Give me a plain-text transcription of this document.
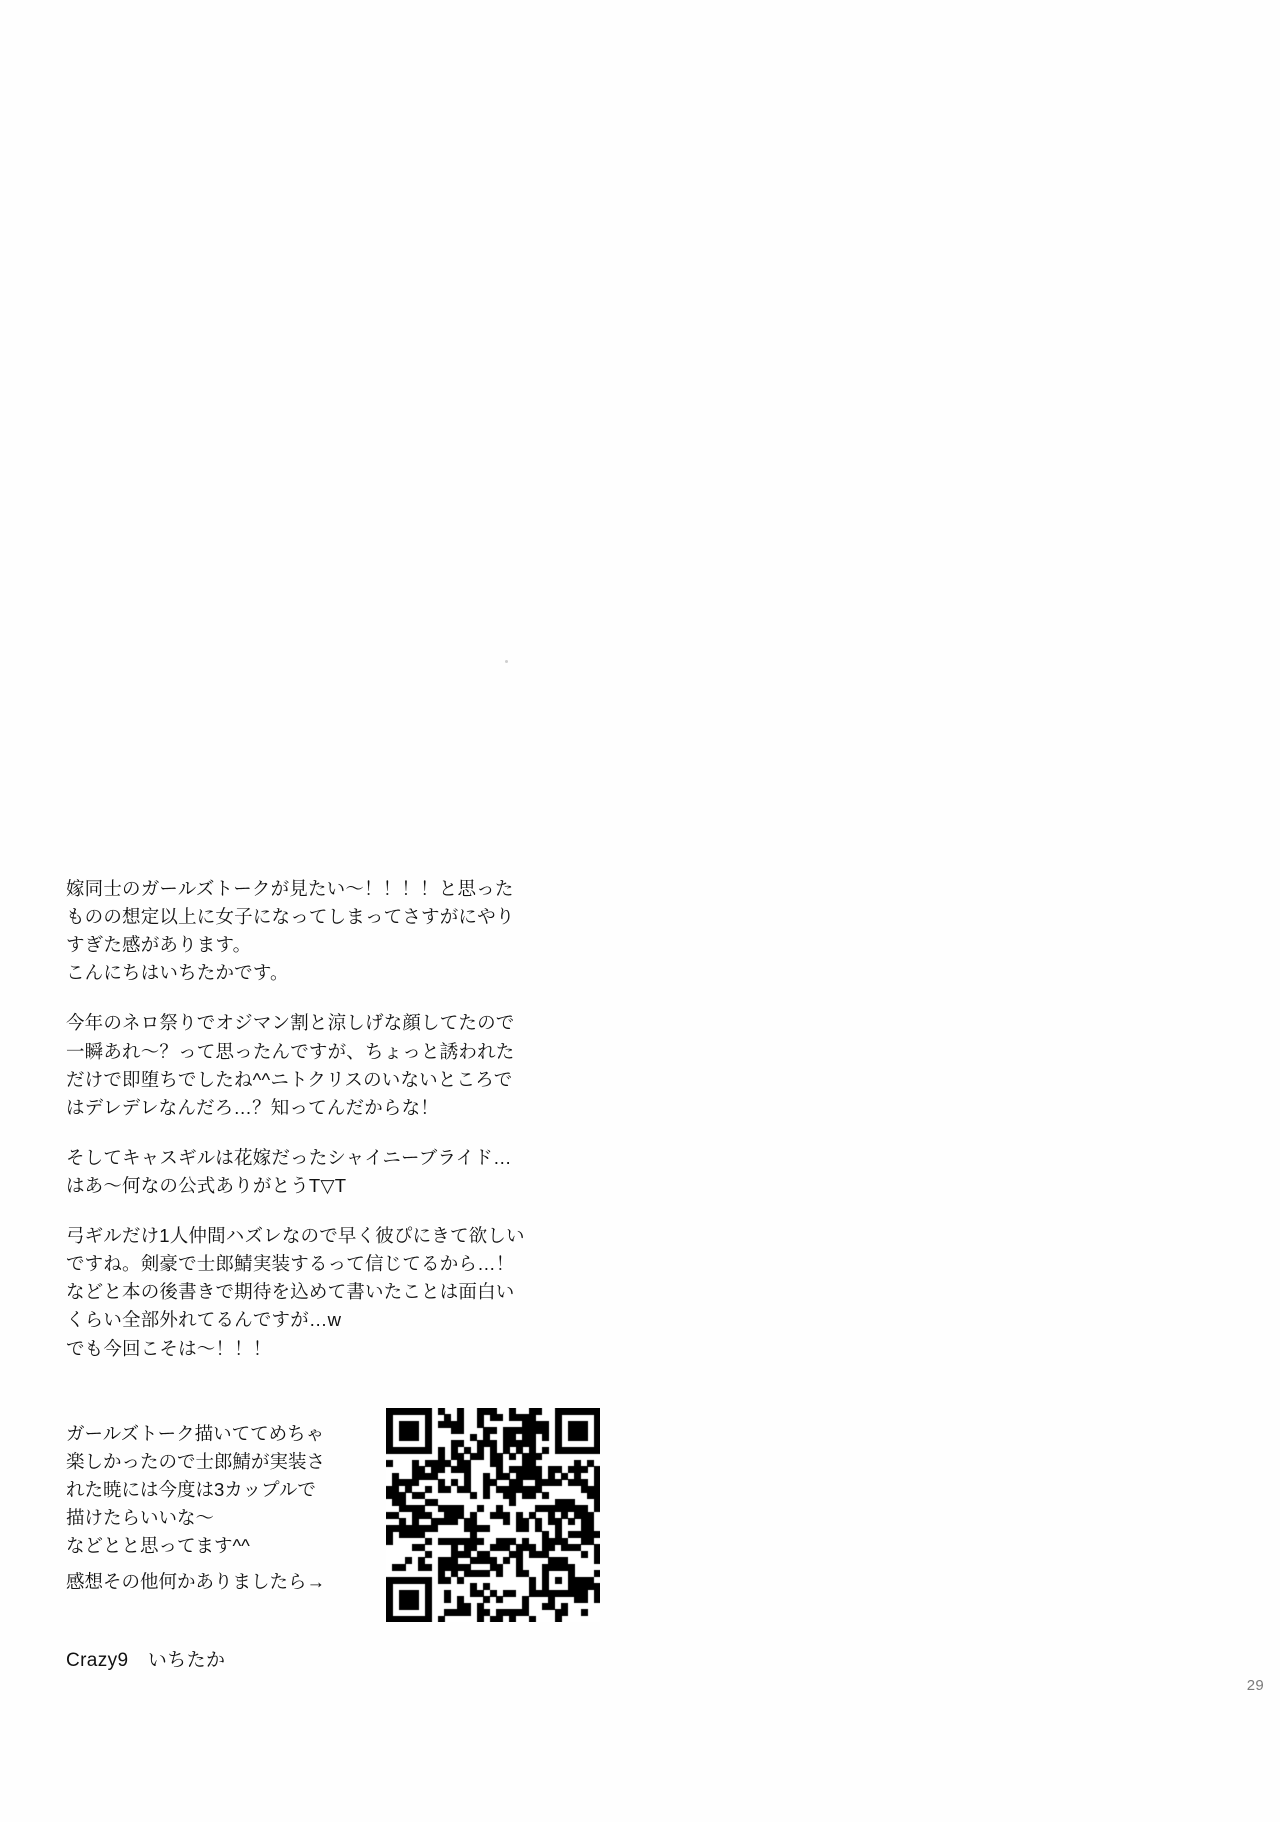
嫁同士のガールズトークが見たい〜！！！！と思った
ものの想定以上に女子になってしまってさすがにやり
すぎた感があります。
こんにちはいちたかです。

今年のネロ祭りでオジマン割と涼しげな顔してたので
一瞬あれ〜？って思ったんですが、ちょっと誘われた
だけで即堕ちでしたね^^ニトクリスのいないところで
はデレデレなんだろ…？知ってんだからな！

そしてキャスギルは花嫁だったシャイニーブライド…
はあ〜何なの公式ありがとうT▽T

弓ギルだけ1人仲間ハズレなので早く彼ぴにきて欲しい
ですね。剣豪で士郎鯖実装するって信じてるから…！
などと本の後書きで期待を込めて書いたことは面白い
くらい全部外れてるんですが…w
でも今回こそは〜！！！

ガールズトーク描いててめちゃ
楽しかったので士郎鯖が実装さ
れた暁には今度は3カップルで
描けたらいいな〜
などとと思ってます^^
感想その他何かありましたら→
Crazy9　いちたか
29
